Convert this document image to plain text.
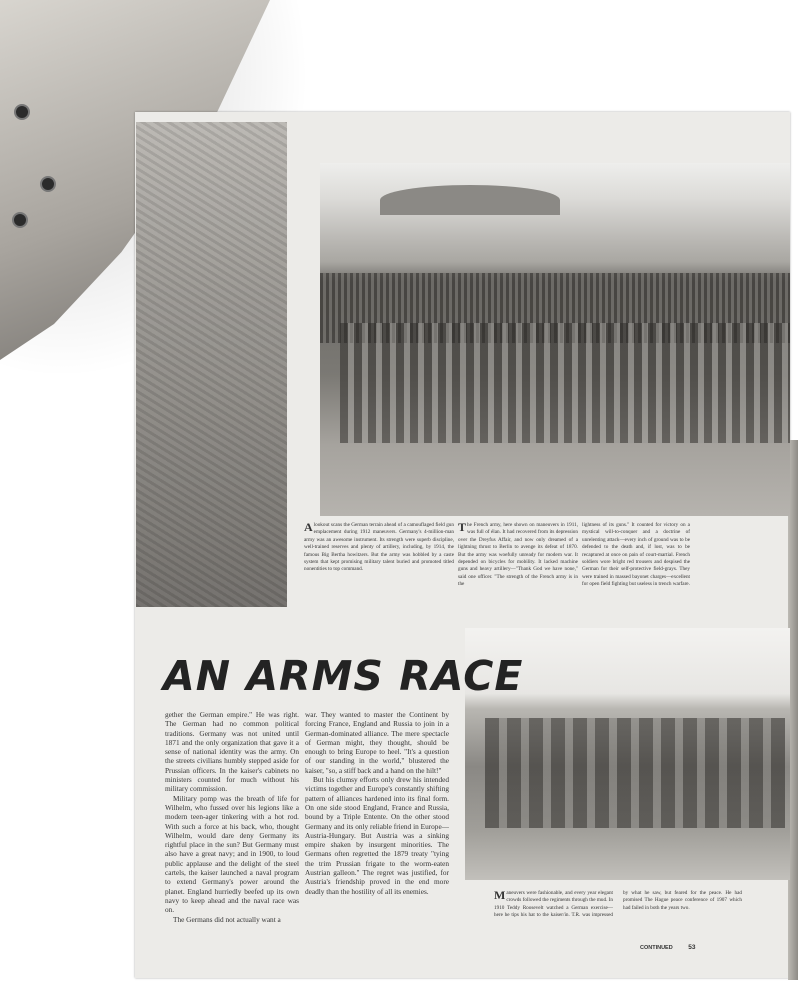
Alookout scans the German terrain ahead of a camouflaged field gun emplacement during 1912 maneuvers. Germany's 4-million-man army was an awesome instrument. Its strength were superb discipline, well-trained reserves and plenty of artillery, including, by 1914, the famous Big Bertha howitzers. But the army was hobbled by a caste system that kept promising military talent buried and promoted titled nonentities to top command.

The French army, here shown on maneuvers in 1911, was full of élan. It had recovered from its depression over the Dreyfus Affair, and now only dreamed of a lightning thrust to Berlin to avenge its defeat of 1870. But the army was woefully unready for modern war. It depended on bicycles for mobility. It lacked machine guns and heavy artillery—"Thank God we have none," said one officer. "The strength of the French army is in the

lightness of its guns." It counted for victory on a mystical will-to-conquer and a doctrine of unrelenting attack—every inch of ground was to be defended to the death and, if lost, was to be recaptured at once on pain of court-martial. French soldiers wore bright red trousers and despised the German for their self-protective field-grays. They were trained in massed bayonet charges—excellent for open field fighting but useless in trench warfare.

AN ARMS RACE

gether the German empire." He was right. The German had no common political traditions. Germany was not united until 1871 and the only organization that gave it a sense of national identity was the army. On the streets civilians humbly stepped aside for Prussian officers. In the kaiser's cabinets no ministers counted for much without his military commission.

Military pomp was the breath of life for Wilhelm, who fussed over his legions like a modern teen-ager tinkering with a hot rod. With such a force at his back, who, thought Wilhelm, would dare deny Germany its rightful place in the sun? But Germany must also have a great navy; and in 1900, to loud public applause and the delight of the steel cartels, the kaiser launched a naval program to extend Germany's power around the planet. England hurriedly beefed up its own navy to keep ahead and the naval race was on.

The Germans did not actually want a

war. They wanted to master the Continent by forcing France, England and Russia to join in a German-dominated alliance. The mere spectacle of German might, they thought, should be enough to bring Europe to heel. "It's a question of our standing in the world," blustered the kaiser, "so, a stiff back and a hand on the hilt!"

But his clumsy efforts only drew his intended victims together and Europe's constantly shifting pattern of alliances hardened into its final form. On one side stood England, France and Russia, bound by a Triple Entente. On the other stood Germany and its only reliable friend in Europe—Austria-Hungary. But Austria was a sinking empire shaken by insurgent minorities. The Germans often regretted the 1879 treaty "tying the trim Prussian frigate to the worm-eaten Austrian galleon." The regret was justified, for Austria's friendship proved in the end more deadly than the hostility of all its enemies.	Maneuvers were fashionable, and every year elegant crowds followed the regiments through the mud. In 1910 Teddy Roosevelt watched a German exercise—here he tips his hat to the kaiser/in. T.R. was impressed by what he saw, but feared for the peace. He had promised The Hague peace conference of 1907 which had failed in both the years two.

CONTINUED 53
